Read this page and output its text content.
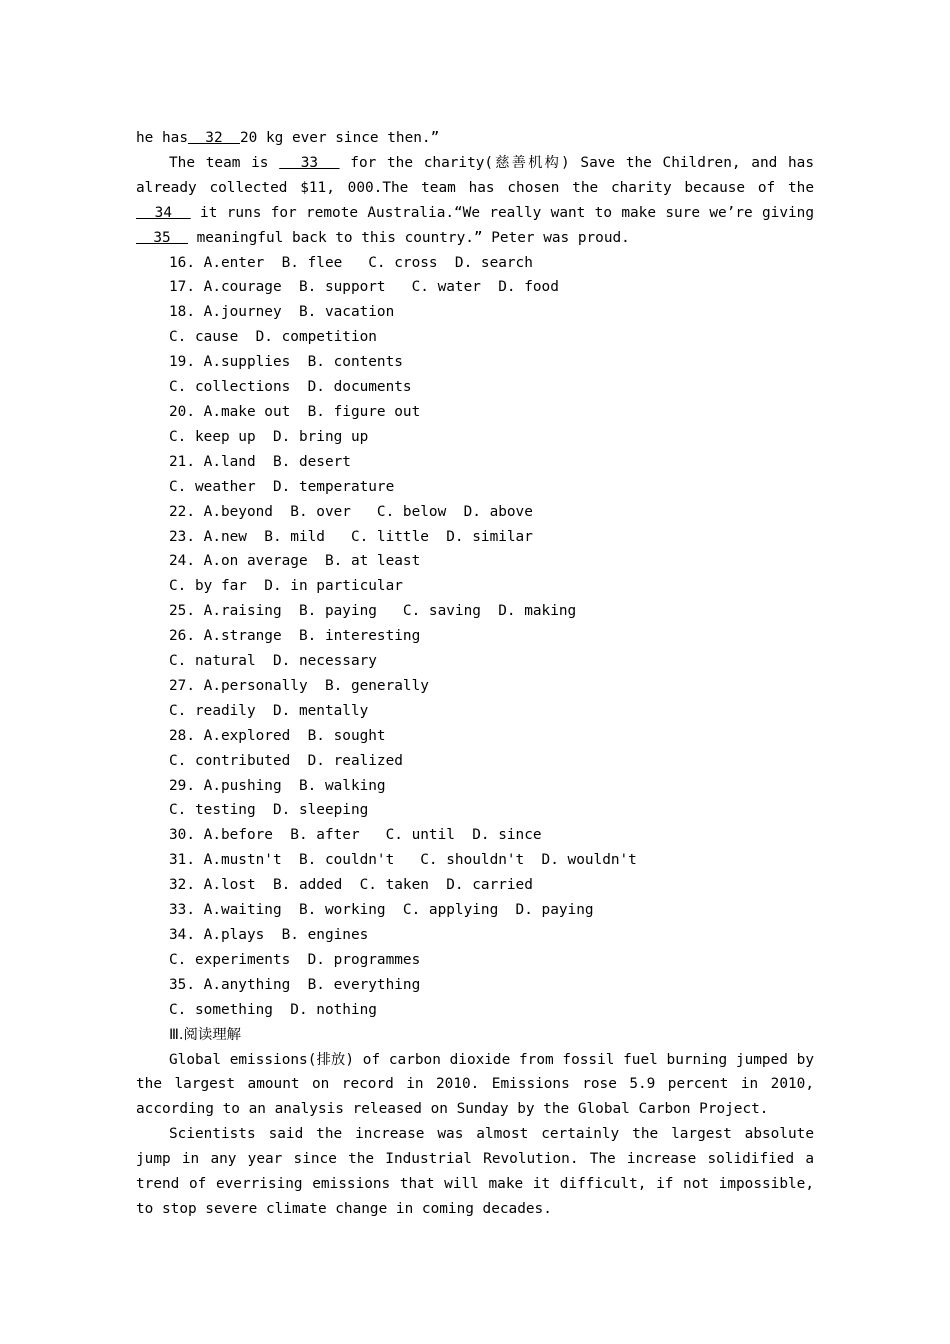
he has  32  20 kg ever since then.”

The team is   33   for the charity(慈善机构) Save the Children, and has already collected $11, 000.The team has chosen the charity because of the   34   it runs for remote Australia.“We really want to make sure we’re giving   35   meaningful back to this country.” Peter was proud.

16. A.enter  B. flee   C. cross  D. search

17. A.courage  B. support   C. water  D. food

18. A.journey  B. vacation

C. cause  D. competition

19. A.supplies  B. contents

C. collections  D. documents

20. A.make out  B. figure out

C. keep up  D. bring up

21. A.land  B. desert

C. weather  D. temperature

22. A.beyond  B. over   C. below  D. above

23. A.new  B. mild   C. little  D. similar

24. A.on average  B. at least

C. by far  D. in particular

25. A.raising  B. paying   C. saving  D. making

26. A.strange  B. interesting

C. natural  D. necessary

27. A.personally  B. generally

C. readily  D. mentally

28. A.explored  B. sought

C. contributed  D. realized

29. A.pushing  B. walking

C. testing  D. sleeping

30. A.before  B. after   C. until  D. since

31. A.mustn't  B. couldn't   C. shouldn't  D. wouldn't

32. A.lost  B. added  C. taken  D. carried

33. A.waiting  B. working  C. applying  D. paying

34. A.plays  B. engines

C. experiments  D. programmes

35. A.anything  B. everything

C. something  D. nothing

Ⅲ.阅读理解

Global emissions(排放) of carbon dioxide from fossil fuel burning jumped by the largest amount on record in 2010. Emissions rose 5.9 percent in 2010, according to an analysis released on Sunday by the Global Carbon Project.

Scientists said the increase was almost certainly the largest absolute jump in any year since the Industrial Revolution. The increase solidified a trend of everrising emissions that will make it difficult, if not impossible, to stop severe climate change in coming decades.
